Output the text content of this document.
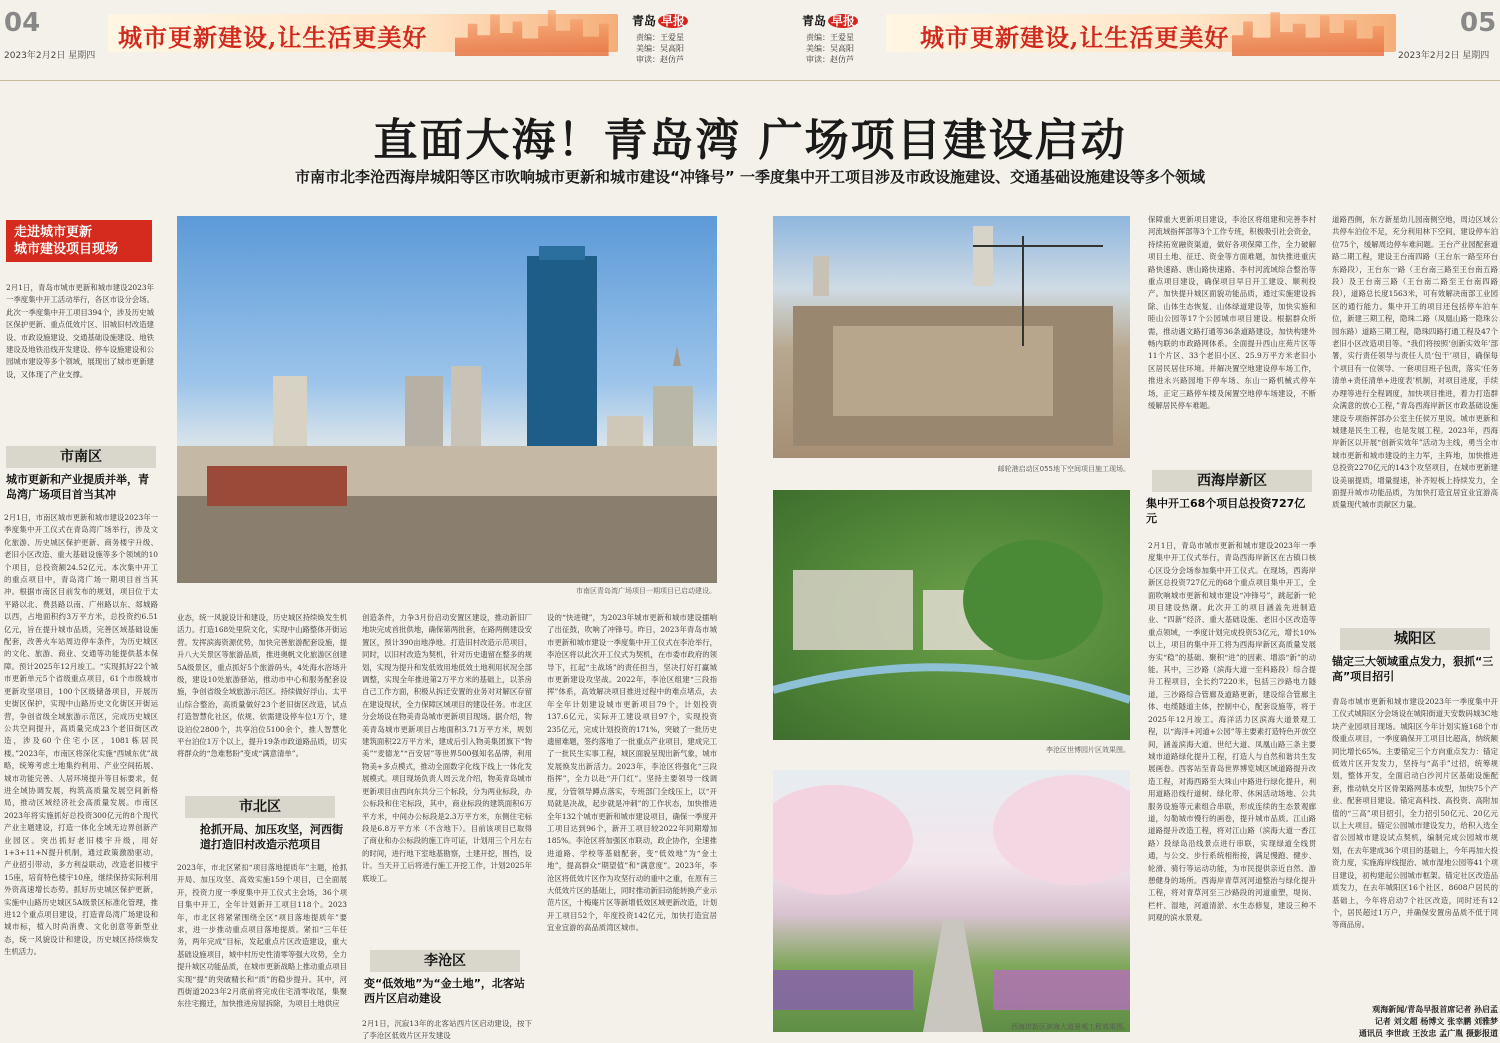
04
2023年2月2日 星期四
城市更新建设,让生活更美好
青岛 早报
责编：王爱星
美编：吴高阳
审读：赵仿芦
青岛 早报
责编：王爱星
美编：吴高阳
审读：赵仿芦
城市更新建设,让生活更美好	05
2023年2月2日 星期四
直面大海！青岛湾 广场项目建设启动
市南市北李沧西海岸城阳等区市吹响城市更新和城市建设“冲锋号” 一季度集中开工项目涉及市政设施建设、交通基础设施建设等多个领域
走进城市更新
城市建设项目现场
2月1日，青岛市城市更新和城市建设2023年一季度集中开工活动举行，各区市设分会场。此次一季度集中开工项目394个，涉及历史城区保护更新、重点低效片区、旧城旧村改造建设、市政设施建设、交通基础设施建设、地铁建设及地铁沿线开发建设、停车设施建设和公园城市建设等多个领域，展现出了城市更新建设，又体现了产业支撑。
市南区
城市更新和产业提质并举，青岛湾广场项目首当其冲
2月1日，市南区城市更新和城市建设2023年一季度集中开工仪式在青岛湾广场举行，涉及文化旅游、历史城区保护更新、商务楼宇升级、老旧小区改造、重大基础设施等多个领域的10个项目，总投资额24.52亿元。本次集中开工的重点项目中，青岛湾广场一期项目首当其冲。根据市南区目前发布的规划，项目位于太平路以北、费县路以南、广州路以东、郯城路以西，占地面积约3万平方米，总投资约6.51亿元，旨在提升城市品质，完善区域基础设施配套，改善火车站周边停车条件，为历史城区的文化、旅游、商业、交通等功能提供基本保障。预计2025年12月竣工。“实现抓好22个城市更新单元5个省级重点项目，61个市级城市更新攻坚项目，100个区级储备项目，开展历史街区保护，实现中山路历史文化街区开街运营，争创省级全域旅游示范区，完成历史城区公共空间提升，高质量完成23个老旧街区改造，涉及60个住宅小区，1081栋居民楼。”2023年，市南区将深化实施“西城东优”战略，统筹考虑土地集约利用、产业空间拓展、城市功能完善、人居环境提升等目标要求，促进全域协调发展，构筑高质量发展空间新格局，推动区域经济社会高质量发展。市南区2023年将实施抓好总投资300亿元的8个现代产业主题建设，打造一体化全域无边界创新产业园区。突出抓好老旧楼宇升级，用好1+3+11+N提升机制，通过政策激励驱动，产业招引带动，多方利益联动，改造老旧楼宇15座，培育特色楼宇10座，继续保持实际利用外资高速增长态势。抓好历史城区保护更新，实施中山路历史城区5A级景区标准化管理，推进12个重点项目建设，打造青岛湾广场建设和城市标，植入时尚消费、文化创意等新型业态，统一风貌设计和建设，历史城区持续焕发生机活力。
市南区青岛湾广场项目一期项目已启动建设。
业态，统一风貌设计和建设，历史城区持续焕发生机活力。打造168处里院文化，实现中山路整体开街运营。发挥滨海资源优势，加快完善旅游配套设施，提升八大关景区等旅游品质，推进奥帆文化旅游区创建5A级景区，重点抓好5个旅游码头，4处海水浴场升级，建设10处旅游驿站，推动市中心和服务配套设施，争创省级全域旅游示范区。持续做好浮山、太平山综合整治，高质量做好23个老旧街区改造，试点打造智慧化社区，依规、依需建设停车位1万个，建设泊位2800个，共享泊位5100余个，推人智慧化平台泊位1万个以上，提升19条市政道路品质，切实将群众的“急难愁盼”变成“满意清单”。
市北区
抢抓开局、加压攻坚，河西街道打造旧村改造示范项目
2023年，市北区紧扣“项目落地提质年”主题，抢抓开局、加压攻坚、高效实施159个项目，已全面展开，投资力度一季度集中开工仪式主会场，36个项目集中开工，全年计划新开工项目118个。2023年，市北区将紧紧围绕全区“项目落地提质年”要求，进一步推动重点项目落地提质。紧扣“三年任务，两年完成”目标，发起重点片区改造建设，重大基础设施项目，城中村历史性清零等强大攻势，全力提升城区功能品质，在城市更新战略上推动重点项目实现“提”的突破精长和“质”的稳步提升。其中，河西街道2023年2月底前将完成住宅清零收尾，集聚东往宅搬迁，加快推进房屋拆除，为项目土地供应
创造条件，力争3月份启动安置区建设，推动新旧厂地块完成首批供地，确保第两批套，在路两侧建设安置区，预计390亩地净地。打造旧村改造示范项目，同时，以旧村改造为契机，针对历史遗留在整多的规划，实现为提升和发低效用地低效土地利用状况全部调整，实现全年推进第2万平方米的基础上，以茶房自己工作方面，积极从拆迁安置的业务对对解区存留在建设现状，全力保障区域项目的建设任务。市北区分会场设在物美青岛城市更新项目现场。据介绍，物美青岛城市更新项目占地面积3.71万平方米，规划建筑面积22万平方米，建成后引入物美集团旗下“物美”“麦德龙”“百安居”等世界500强知名品牌，利用物美+多点模式，推动全面数字化线下线上一体化发展模式。项目现场负责人周云龙介绍，物美青岛城市更新项目由西向东共分三个标段，分为两业标段，办公标段和住宅标段，其中，商业标段的建筑面积6万平方米，中间办公标段是2.3万平方米，东侧住宅标段是6.8万平方米（不含地下）。目前该项目已取得了商业和办公标段的施工许可证，计划用三个月左右的时间，进行地下室地基勘察，土建开挖，围挡，设计。当天开工后将进行施工开挖工作，计划2025年底竣工。
李沧区
变“低效地”为“金土地”，北客站西片区启动建设
2月1日，沉寂13年的北客站西片区启动建设，按下了李沧区低效片区开发建设
设的“快进键”，为2023年城市更新和城市建设擂响了出征鼓，吹响了冲锋号。昨日，2023年青岛市城市更新和城市建设一季度集中开工仪式在李沧举行，李沧区将以此次开工仪式为契机，在市委市政府的领导下，扛起“主战场”的责任担当，坚决打好打赢城市更新建设攻坚战。2022年，李沧区组建“三段指挥”体系，高效解决项目推进过程中的难点堵点，去年全年计划建设城市更新项目79个，计划投资137.6亿元，实际开工建设项目97个，实现投资235亿元，完成计划投资的171%，突破了一批历史遗留难题，签约落地了一批重点产业项目，建成完工了一批民生实事工程，城区面貌呈现出新气象，城市发展焕发出新活力。2023年，李沧区将强化“三段指挥”，全力以赴“开门红”。坚持主要领导一线调度，分管领导蹲点落实，专班部门全线压上，以“开局就是决战，起步就是冲刺”的工作状态，加快推进全年132个城市更新和城市建设项目，确保一季度开工项目达到96个，新开工项目较2022年同期增加185%。李沧区将加强区市联动，政企协作，全速推进道路、学校等基础配套，变“低效地”为“金土地”，提高群众“期望值”和“满意度”。2023年，李沧区将低效片区作为攻坚行动的重中之重，在原有三大低效片区的基础上，同时推动新旧动能转换产业示范片区，十梅庵片区等新增低效区域更新改造，计划开工项目52个，年度投资142亿元，加快打造宜居宜业宜游的高品质湾区城市。
邮轮港启动区055地下空间项目施工现场。
李沧区世博园片区效果图。
西海岸新区滨海大道景观工程效果图。
保障重大更新项目建设，李沧区将组建和完善李村河流域指挥部等3个工作专班，积极吸引社会资金，持续拓宽融资渠道，做好各项保障工作，全力破解项目土地、征迁、资金等方面难题，加快推进重庆路快速路、唐山路快速路、李村河流域综合整治等重点项目建设，确保项目早日开工建设、顺利投产。加快提升城区面貌功能品质，通过实施建设拆除、山体生态恢复、山体绿道建设等，加快实施和睦山公园等17个公园城市项目建设。根据群众所需，推动遇文路打通等36条道路建设，加快构建外畅内联的市政路网体系。全面提升西山庄苑片区等11个片区、33个老旧小区、25.9万平方米老旧小区居民居住环境。并解决置空地建设停车场工作，推进永兴路园地下停车场、东山一路机械式停车场，正定三路停车楼及闲置空地停车场建设，不断缓解居民停车难题。
西海岸新区
集中开工68个项目总投资727亿元
2月1日，青岛市城市更新和城市建设2023年一季度集中开工仪式举行，青岛西海岸新区在古镇口核心区设分会场参加集中开工仪式。在现场，西海岸新区总投资727亿元的68个重点项目集中开工，全面吹响城市更新和城市建设“冲锋号”，跳起新一轮项目建设热潮。此次开工的项目涵盖先进制造业、“四新”经济、重大基础设施、老旧小区改造等重点领域，一季度计划完成投资53亿元，增长10%以上，项目的集中开工将为西海岸新区高质量发展夯实“稳”的基础、聚积“进”的因素、增添“新”的动能。其中，三沙路（滨海大道一至科路段）综合提升工程项目，全长约7220米，包括三沙路电力隧道，三沙路综合管廊及道路更新，建设综合管廊主体、电缆隧道主体，控制中心，配套设施等，将于2025年12月竣工。海洋活力区滨海大道景观工程，以“海洋+河道+公园”等主要素打造特色开放空间，涵盖滨海大道、世纪大道、凤凰山路三条主要城市道路绿化提升工程，打造人与自然和谐共生发展画卷。西客站至青岛世界博览城区域道路提升改造工程，对海西路至大珠山中路进行绿化提升，利用道路沿线行道树、绿化带、休闲活动场地、公共服务设施等元素组合串联，形成连续的生态景观廊道，勾勒城市慢行的画卷，提升城市品质。江山路道路提升改造工程，将对江山路（滨海大道一香江路）段绿岛沿线景点进行串联，实现绿道全线贯通，与公交、步行系统相衔接，满足慢跑、健步、轮滑、骑行等运动功能，为市民提供亲近自然、游憩健身的场所。西海岸青草河河道整治与绿化提升工程，将对青草河至三沙路段的河道重塑，堤岗、栏杆、湿地，河道清淤、水生态修复，建设三种不同观的滨水景观。
道路西侧，东方新星幼儿园南侧空地，周边区域公共停车泊位不足，充分利用林下空间，建设停车泊位75个，缓解周边停车难问题。王台产业园配套道路二期工程，建设王台南四路（王台东一路至环台东路段），王台东一路（王台南三路至王台南五路段）及王台南三路（王台南二路至王台南四路段），道路总长度1563米，可有效解决南部工业园区的通行能力。集中开工的项目还包括停车泊车位，新建三期工程，隐珠二路（凤凰山路一隐珠公园东路）道路三期工程，隐珠四路打通工程及47个老旧小区改造项目等。“我们将按照‘创新实效年’部署，实行责任领导与责任人员‘包干’项目，确保每个项目有一位领导、一套项目班子包责，落实‘任务清单+责任清单+进度表’机制，对项目进度，手续办理等进行全程调度，加快项目推进，着力打造群众满意的放心工程，”青岛西海岸新区市政基础设施建设专项指挥部办公室主任侯万里说。城市更新和城建是民生工程，也是发展工程。2023年，西海岸新区以开展“创新实效年”活动为主线，勇当全市城市更新和城市建设的主力军，主阵地，加快推进总投资2270亿元的143个攻坚项目，在城市更新建设美丽提质，增量提速，补齐短板上持续发力，全面提升城市功能品质，为加快打造宜居宜业宜游高质量现代城市贡献区力量。
城阳区
锚定三大领域重点发力，狠抓“三高”项目招引
青岛市城市更新和城市建设2023年一季度集中开工仪式城阳区分会场设在城阳街道天安数码城3C地块产业园项目现场。城阳区今年计划实施168个市级重点项目，一季度确保开工项目比超高，纳统额同比增长65%。主要锚定三个方向重点发力：锚定低效片区开发发力，坚持与“高手”过招，统筹规划，整体开发，全面启动白沙河片区基础设施配套，推动轨交片区骨架路网基本成型，加快75个产业、配套项目建设。锚定高科技、高投资、高附加值的“三高”项目招引，全力招引50亿元、20亿元以上大项目。锚定公园城市建设发力，给积入选全省公园城市建设试点契机，编制完成公园城市规划，在去年建成36个项目的基础上，今年再加大投资力度，实施海岸线提治、城市湿地公园等41个项目建设，初构建起公园城市框架。锚定社区改造品质发力，在去年城阳区16个社区、8608户居民的基础上，今年将启动7个社区改造，同时还有12个，居民超过1万户，并确保安置房品质不低于同等商品房。
观海新闻/青岛早报首席记者 孙启孟
记者 刘文超 杨博文 张幸鹏 刘雅梦
通讯员 李世政 王汝忠 孟广胤 摄影报道
